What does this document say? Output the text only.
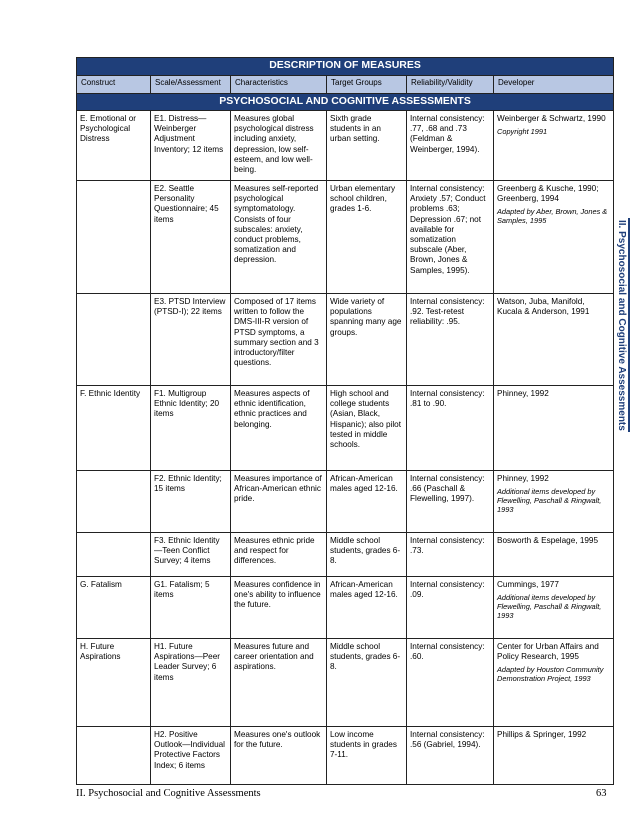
DESCRIPTION OF MEASURES					
Construct	Scale/Assessment	Characteristics	Target Groups	Reliability/Validity	Developer
PSYCHOSOCIAL AND COGNITIVE ASSESSMENTS					
E. Emotional or Psychological Distress	E1. Distress—Weinberger Adjustment Inventory; 12 items	Measures global psychological distress including anxiety, depression, low self-esteem, and low well-being.	Sixth grade students in an urban setting.	Internal consistency: .77, .68 and .73 (Feldman & Weinberger, 1994).	Weinberger & Schwartz, 1990
Copyright 1991

	E2. Seattle Personality Questionnaire; 45 items	Measures self-reported psychological symptomatology. Consists of four subscales: anxiety, conduct problems, somatization and depression.	Urban elementary school children, grades 1-6.	Internal consistency: Anxiety .57; Conduct problems .63; Depression .67; not available for somatization subscale (Aber, Brown, Jones & Samples, 1995).	Greenberg & Kusche, 1990; Greenberg, 1994
Adapted by Aber, Brown, Jones & Samples, 1995

	E3. PTSD Interview (PTSD-I); 22 items	Composed of 17 items written to follow the DMS-III-R version of PTSD symptoms, a summary section and 3 introductory/filter questions.	Wide variety of populations spanning many age groups.	Internal consistency: .92. Test-retest reliability: .95.	Watson, Juba, Manifold, Kucala & Anderson, 1991
F. Ethnic Identity	F1. Multigroup Ethnic Identity; 20 items	Measures aspects of ethnic identification, ethnic practices and belonging.	High school and college students (Asian, Black, Hispanic); also pilot tested in middle schools.	Internal consistency: .81 to .90.	Phinney, 1992
	F2. Ethnic Identity; 15 items	Measures importance of African-American ethnic pride.	African-American males aged 12-16.	Internal consistency: .66 (Paschall & Flewelling, 1997).	Phinney, 1992
Additional items developed by Flewelling, Paschall & Ringwalt, 1993

	F3. Ethnic Identity—Teen Conflict Survey; 4 items	Measures ethnic pride and respect for differences.	Middle school students, grades 6-8.	Internal consistency: .73.	Bosworth & Espelage, 1995
G. Fatalism	G1. Fatalism; 5 items	Measures confidence in one's ability to influence the future.	African-American males aged 12-16.	Internal consistency: .09.	Cummings, 1977
Additional items developed by Flewelling, Paschall & Ringwalt, 1993

H. Future Aspirations	H1. Future Aspirations—Peer Leader Survey; 6 items	Measures future and career orientation and aspirations.	Middle school students, grades 6-8.	Internal consistency: .60.	Center for Urban Affairs and Policy Research, 1995
Adapted by Houston Community Demonstration Project, 1993

	H2. Positive Outlook—Individual Protective Factors Index; 6 items	Measures one's outlook for the future.	Low income students in grades 7-11.	Internal consistency: .56 (Gabriel, 1994).	Phillips & Springer, 1992
II. Psychosocial and Cognitive Assessments
II. Psychosocial and Cognitive Assessments	63
